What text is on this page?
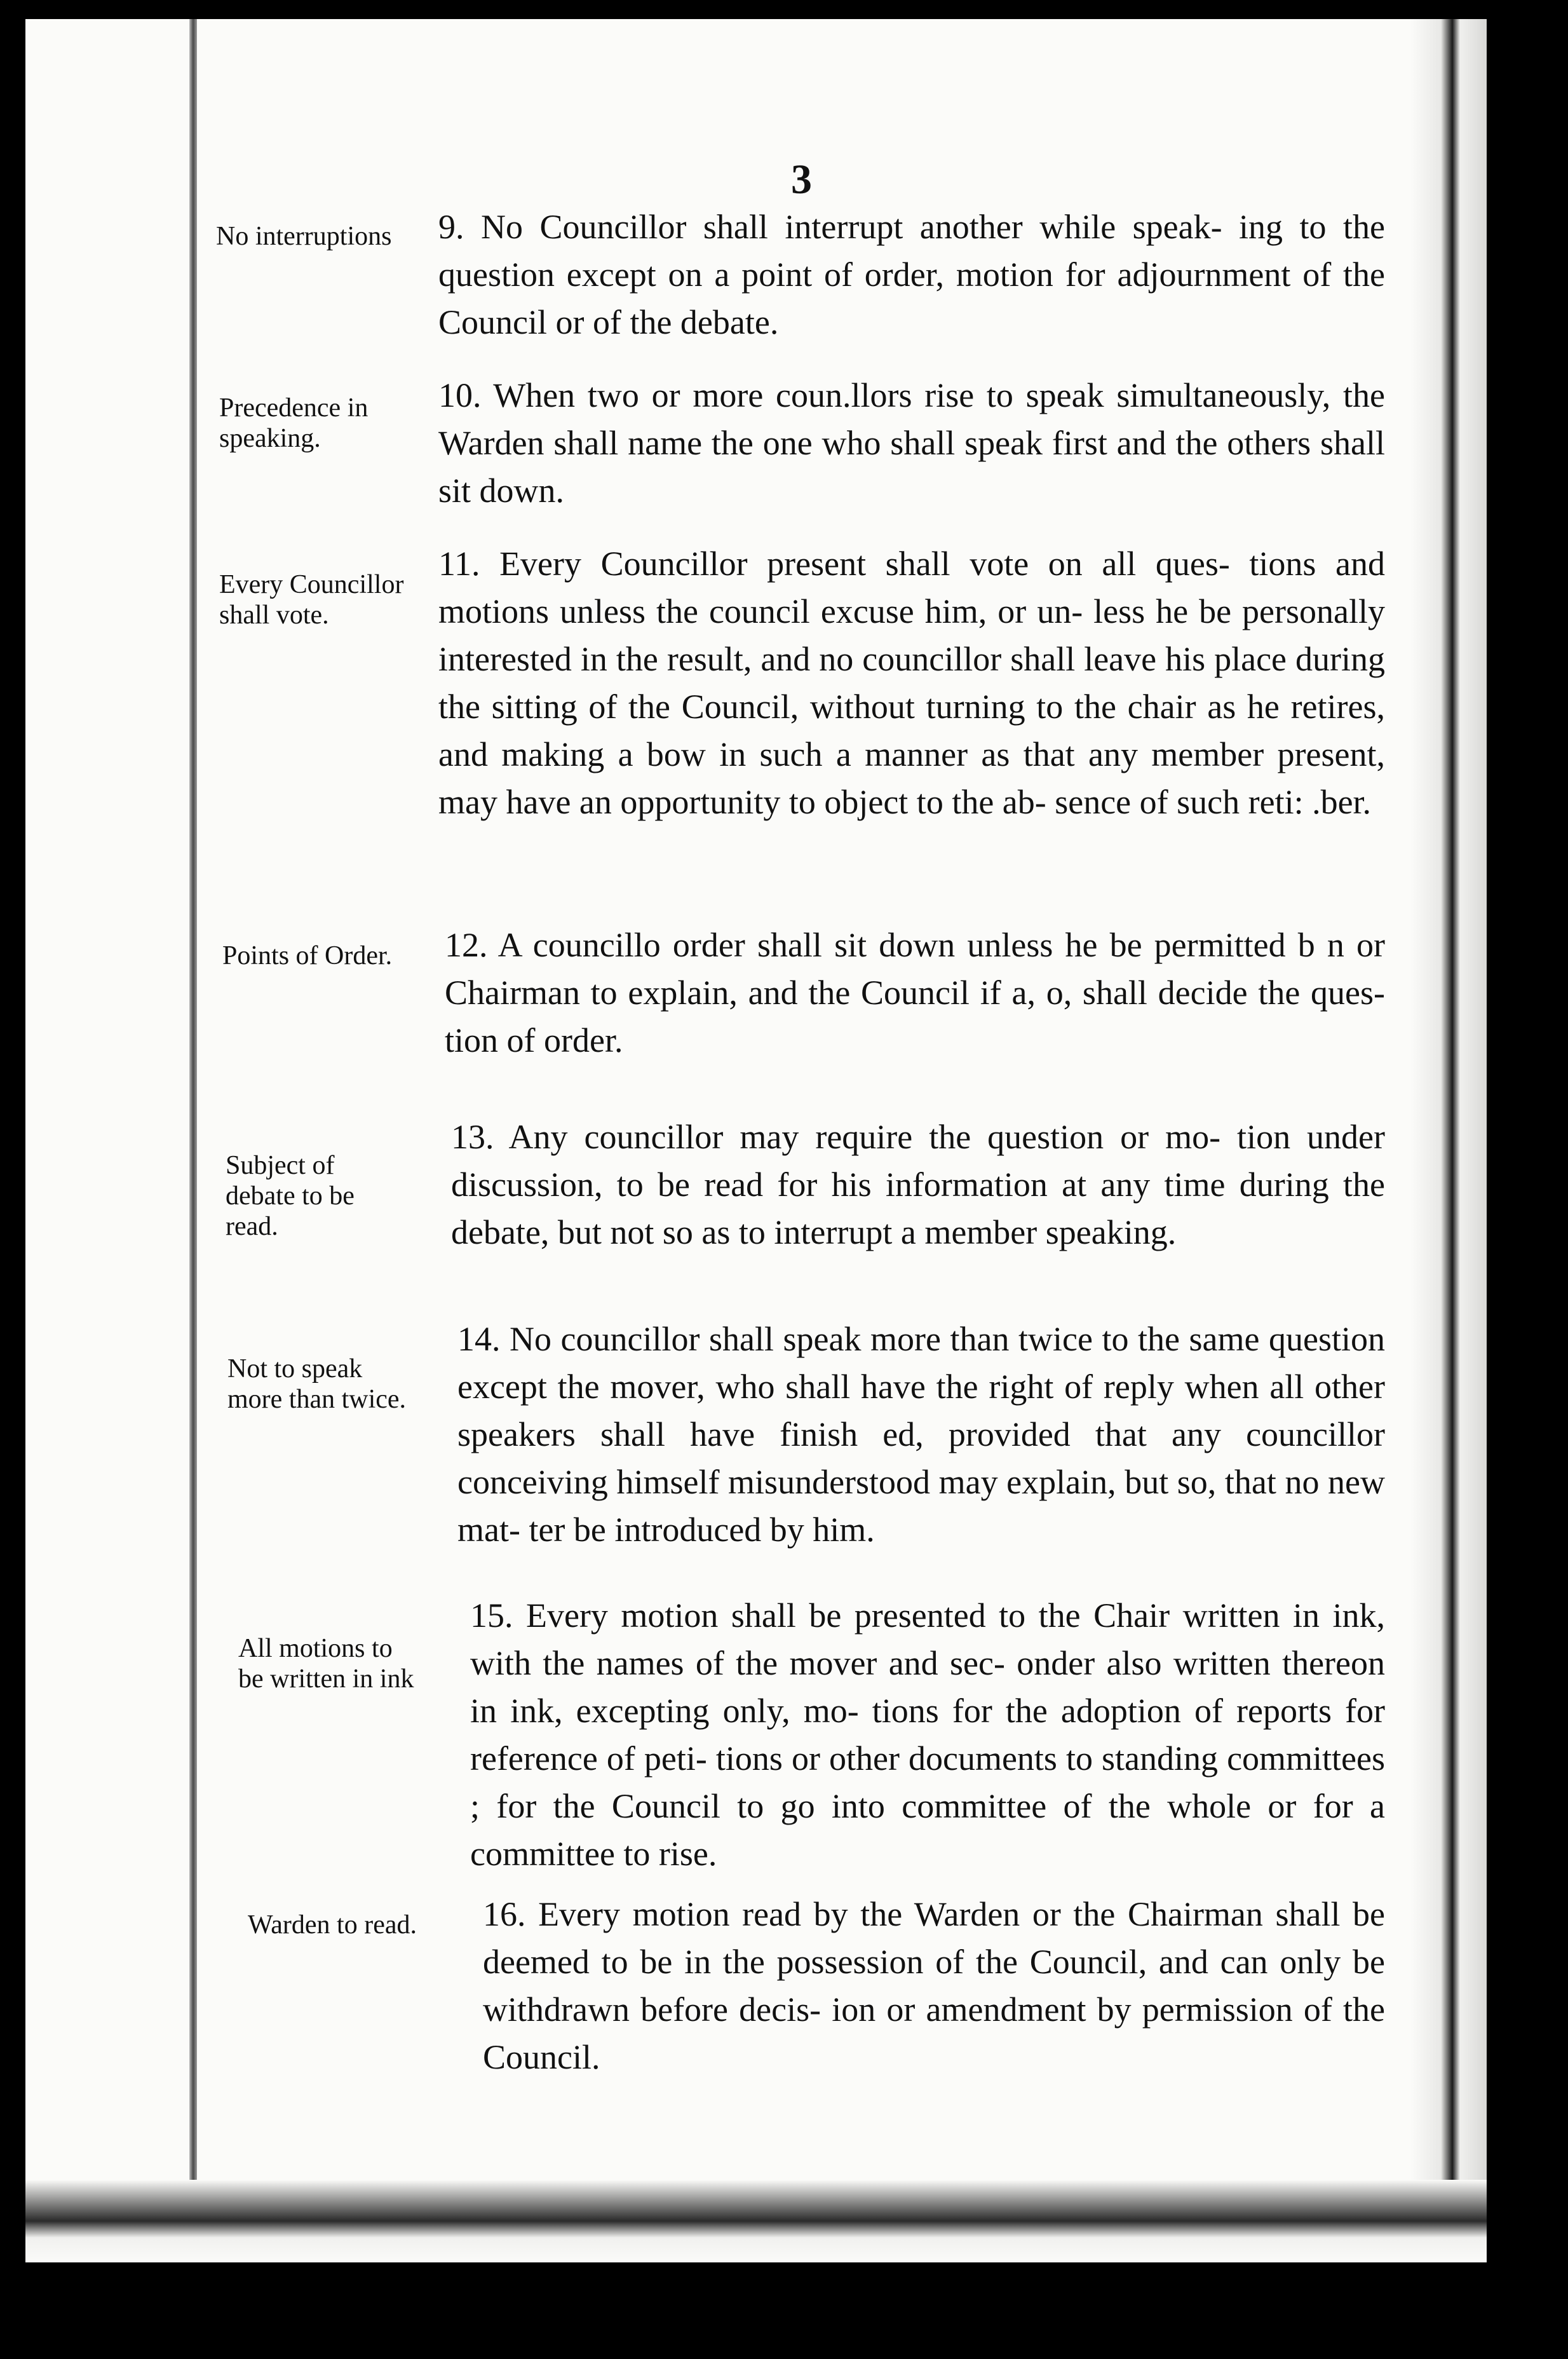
3
No interruptions 9. No Councillor shall interrupt another while speak- ing to the question except on a point of order, motion for adjournment of the Council or of the debate.
Precedence in
speaking.
10. When two or more coun.llors rise to speak simultaneously, the Warden shall name the one who shall speak first and the others shall sit down.
Every Councillor
shall vote.
11. Every Councillor present shall vote on all ques- tions and motions unless the council excuse him, or un- less he be personally interested in the result, and no councillor shall leave his place during the sitting of the Council, without turning to the chair as he retires, and making a bow in such a manner as that any member present, may have an opportunity to object to the ab- sence of such reti: .ber.
Points of Order. 12. A councillo order shall sit down unless he be permitted b n or Chairman to explain, and the Council if a, o, shall decide the ques- tion of order.
Subject of
debate to be
read.
13. Any councillor may require the question or mo- tion under discussion, to be read for his information at any time during the debate, but not so as to interrupt a member speaking.
Not to speak
more than twice.
14. No councillor shall speak more than twice to the same question except the mover, who shall have the right of reply when all other speakers shall have finish ed, provided that any councillor conceiving himself misunderstood may explain, but so, that no new mat- ter be introduced by him.
All motions to
be written in ink
15. Every motion shall be presented to the Chair written in ink, with the names of the mover and sec- onder also written thereon in ink, excepting only, mo- tions for the adoption of reports for reference of peti- tions or other documents to standing committees ; for the Council to go into committee of the whole or for a committee to rise.
Warden to read. 16. Every motion read by the Warden or the Chairman shall be deemed to be in the possession of the Council, and can only be withdrawn before decis- ion or amendment by permission of the Council.
